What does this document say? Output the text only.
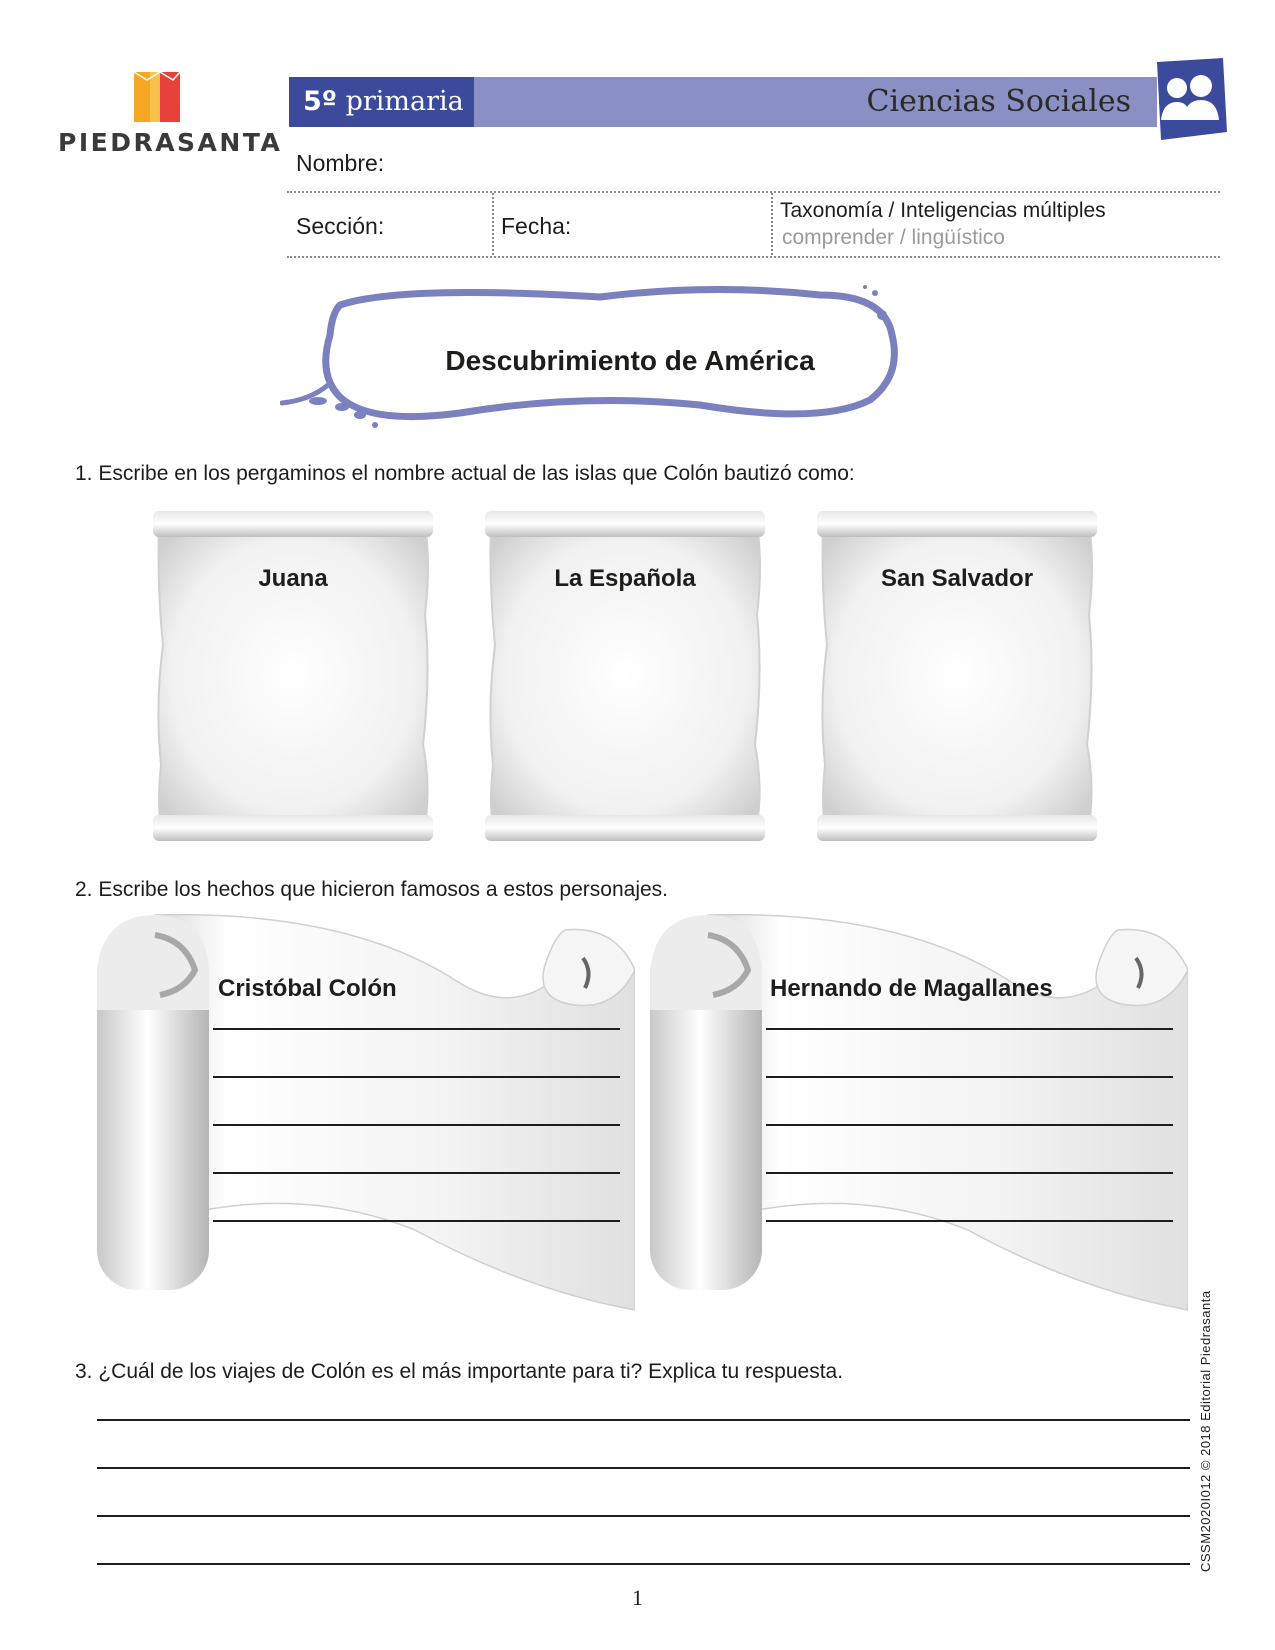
PIEDRASANTA
5º primaria	Ciencias Sociales
Nombre:
Sección:	Fecha:
Taxonomía / Inteligencias múltiples
comprender / lingüístico
Descubrimiento de América
1. Escribe en los pergaminos el nombre actual de las islas que Colón bautizó como:
Juana	La Española	San Salvador
2. Escribe los hechos que hicieron famosos a estos personajes.
Cristóbal Colón	Hernando de Magallanes
3. ¿Cuál de los viajes de Colón es el más importante para ti? Explica tu respuesta.	CSSM2020I012 © 2018 Editorial Piedrasanta
1
